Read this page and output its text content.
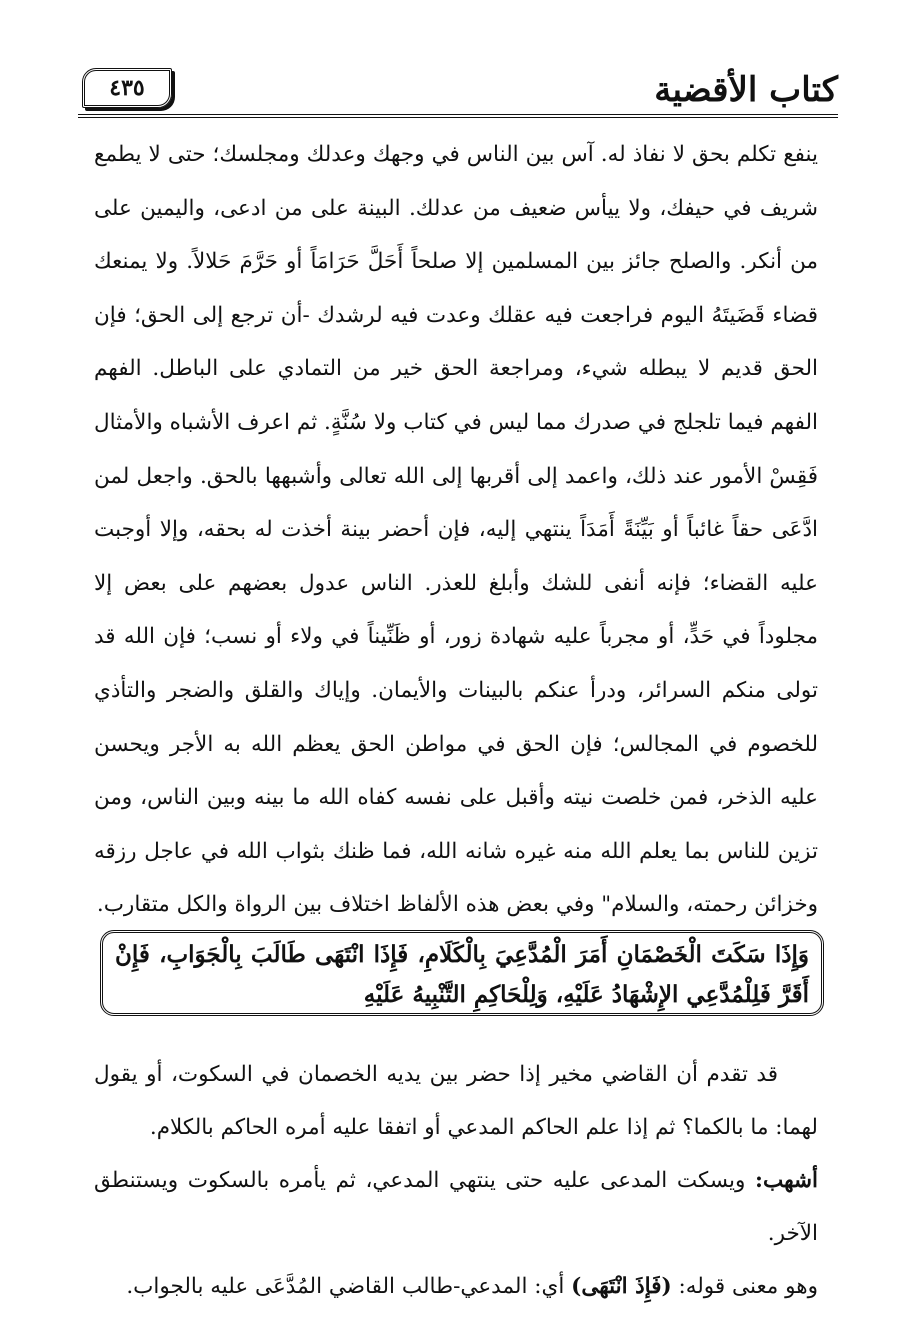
كتاب الأقضية
٤٣٥

ينفع تكلم بحق لا نفاذ له. آس بين الناس في وجهك وعدلك ومجلسك؛ حتى لا يطمع شريف في حيفك، ولا ييأس ضعيف من عدلك. البينة على من ادعى، واليمين على من أنكر. والصلح جائز بين المسلمين إلا صلحاً أَحَلَّ حَرَامَاً أو حَرَّمَ حَلالاً. ولا يمنعك قضاء قَضَيتَهُ اليوم فراجعت فيه عقلك وعدت فيه لرشدك -أن ترجع إلى الحق؛ فإن الحق قديم لا يبطله شيء، ومراجعة الحق خير من التمادي على الباطل. الفهم الفهم فيما تلجلج في صدرك مما ليس في كتاب ولا سُنَّةٍ. ثم اعرف الأشباه والأمثال فَقِسْ الأمور عند ذلك، واعمد إلى أقربها إلى الله تعالى وأشبهها بالحق. واجعل لمن ادَّعَى حقاً غائباً أو بَيِّنَةً أَمَدَاً ينتهي إليه، فإن أحضر بينة أخذت له بحقه، وإلا أوجبت عليه القضاء؛ فإنه أنفى للشك وأبلغ للعذر. الناس عدول بعضهم على بعض إلا مجلوداً في حَدٍّ، أو مجرباً عليه شهادة زور، أو ظَنِّيناً في ولاء أو نسب؛ فإن الله قد تولى منكم السرائر، ودرأ عنكم بالبينات والأيمان. وإياك والقلق والضجر والتأذي للخصوم في المجالس؛ فإن الحق في مواطن الحق يعظم الله به الأجر ويحسن عليه الذخر، فمن خلصت نيته وأقبل على نفسه كفاه الله ما بينه وبين الناس، ومن تزين للناس بما يعلم الله منه غيره شانه الله، فما ظنك بثواب الله في عاجل رزقه وخزائن رحمته، والسلام" وفي بعض هذه الألفاظ اختلاف بين الرواة والكل متقارب.

وَإِذَا سَكَتَ الْخَصْمَانِ أَمَرَ الْمُدَّعِيَ بِالْكَلَامِ، فَإِذَا انْتَهَى طَالَبَ بِالْجَوَابِ، فَإِنْ أَقَرَّ فَلِلْمُدَّعِي الإِشْهَادُ عَلَيْهِ، وَلِلْحَاكِمِ التَّنْبِيهُ عَلَيْهِ

قد تقدم أن القاضي مخير إذا حضر بين يديه الخصمان في السكوت، أو يقول لهما: ما بالكما؟ ثم إذا علم الحاكم المدعي أو اتفقا عليه أمره الحاكم بالكلام.

أشهب: ويسكت المدعى عليه حتى ينتهي المدعي، ثم يأمره بالسكوت ويستنطق الآخر.

وهو معنى قوله: (فَإِذَ انْتَهَى) أي: المدعي-طالب القاضي المُدَّعَى عليه بالجواب.
